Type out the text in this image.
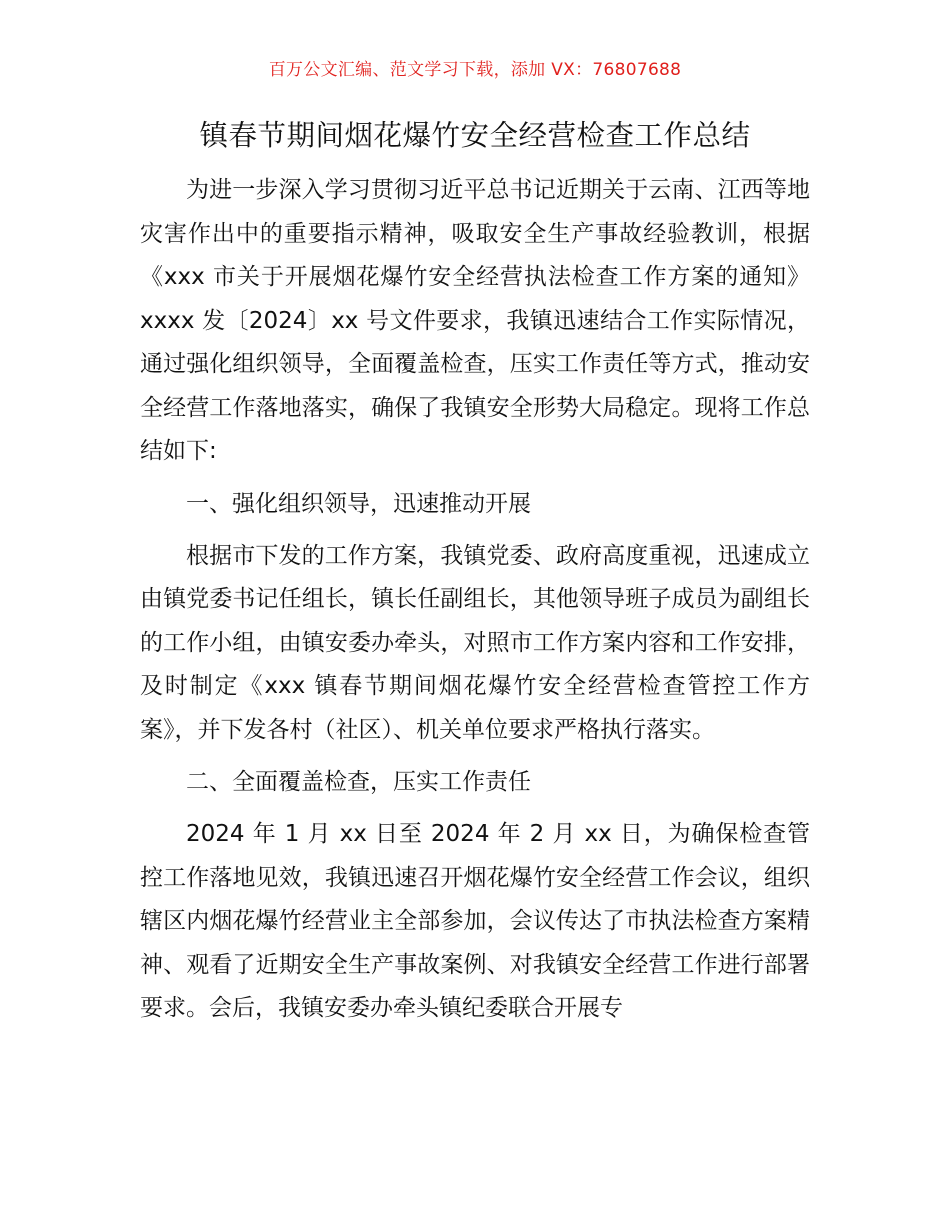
百万公文汇编、范文学习下载，添加 VX：76807688
镇春节期间烟花爆竹安全经营检查工作总结

为进一步深入学习贯彻习近平总书记近期关于云南、江西等地灾害作出中的重要指示精神，吸取安全生产事故经验教训，根据《xxx 市关于开展烟花爆竹安全经营执法检查工作方案的通知》xxxx 发〔2024〕xx 号文件要求，我镇迅速结合工作实际情况，通过强化组织领导，全面覆盖检查，压实工作责任等方式，推动安全经营工作落地落实，确保了我镇安全形势大局稳定。现将工作总结如下:

一、强化组织领导，迅速推动开展

根据市下发的工作方案，我镇党委、政府高度重视，迅速成立由镇党委书记任组长，镇长任副组长，其他领导班子成员为副组长的工作小组，由镇安委办牵头，对照市工作方案内容和工作安排，及时制定《xxx 镇春节期间烟花爆竹安全经营检查管控工作方案》，并下发各村（社区）、机关单位要求严格执行落实。

二、全面覆盖检查，压实工作责任

2024 年 1 月 xx 日至 2024 年 2 月 xx 日，为确保检查管控工作落地见效，我镇迅速召开烟花爆竹安全经营工作会议，组织辖区内烟花爆竹经营业主全部参加，会议传达了市执法检查方案精神、观看了近期安全生产事故案例、对我镇安全经营工作进行部署要求。会后，我镇安委办牵头镇纪委联合开展专
